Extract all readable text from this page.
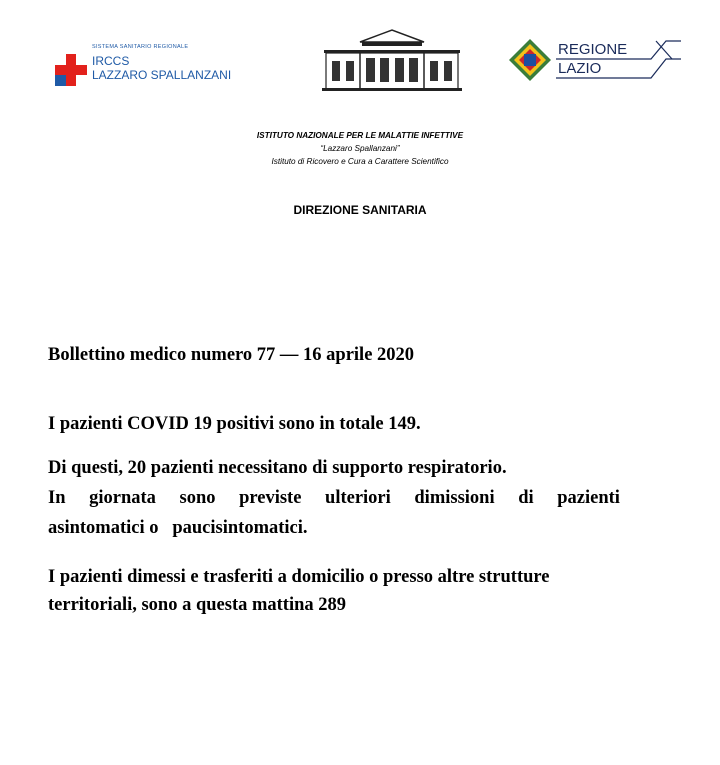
SISTEMA SANITARIO REGIONALE
IRCCS
LAZZARO SPALLANZANI
REGIONE
LAZIO
ISTITUTO NAZIONALE PER LE MALATTIE INFETTIVE
“Lazzaro Spallanzani”
Istituto di Ricovero e Cura a Carattere Scientifico
DIREZIONE SANITARIA
Bollettino medico numero 77 — 16 aprile 2020
I pazienti COVID 19 positivi sono in totale 149.
Di questi, 20 pazienti necessitano di supporto respiratorio.
In giornata sono previste ulteriori dimissioni di pazienti
asintomatici o   paucisintomatici.
I pazienti dimessi e trasferiti a domicilio o presso altre strutture
territoriali, sono a questa mattina 289
